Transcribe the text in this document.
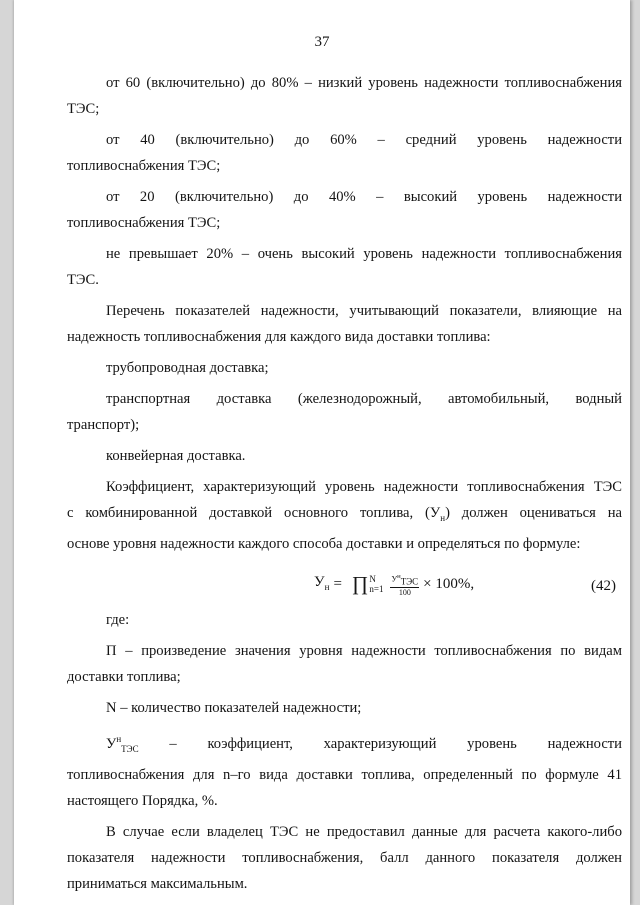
37

от 60 (включительно) до 80% – низкий уровень надежности топливоснабжения

ТЭС;

от 40 (включительно) до 60% – средний уровень надежности

топливоснабжения ТЭС;

от 20 (включительно) до 40% – высокий уровень надежности

топливоснабжения ТЭС;

не превышает 20% – очень высокий уровень надежности топливоснабжения

ТЭС.

Перечень показателей надежности, учитывающий показатели, влияющие на

надежность топливоснабжения для каждого вида доставки топлива:

трубопроводная доставка;

транспортная доставка (железнодорожный, автомобильный, водный

транспорт);

конвейерная доставка.

Коэффициент, характеризующий уровень надежности топливоснабжения ТЭС

с комбинированной доставкой основного топлива, $(У_н)$ должен оцениваться на

основе уровня надежности каждого способа доставки и определяться по формуле:

$У_н$ = ∏ N
$n=1 \frac{У^н_{ТЭС}}{100} \times 100\%$,	(42)

где:

П – произведение значения уровня надежности топливоснабжения по видам

доставки топлива;

N – количество показателей надежности;

$У^н_{ТЭС}$ – коэффициент, характеризующий уровень надежности

топливоснабжения для n–го вида доставки топлива, определенный по формуле 41

настоящего Порядка, %.

В случае если владелец ТЭС не предоставил данные для расчета какого-либо

показателя надежности топливоснабжения, балл данного показателя должен

приниматься максимальным.
